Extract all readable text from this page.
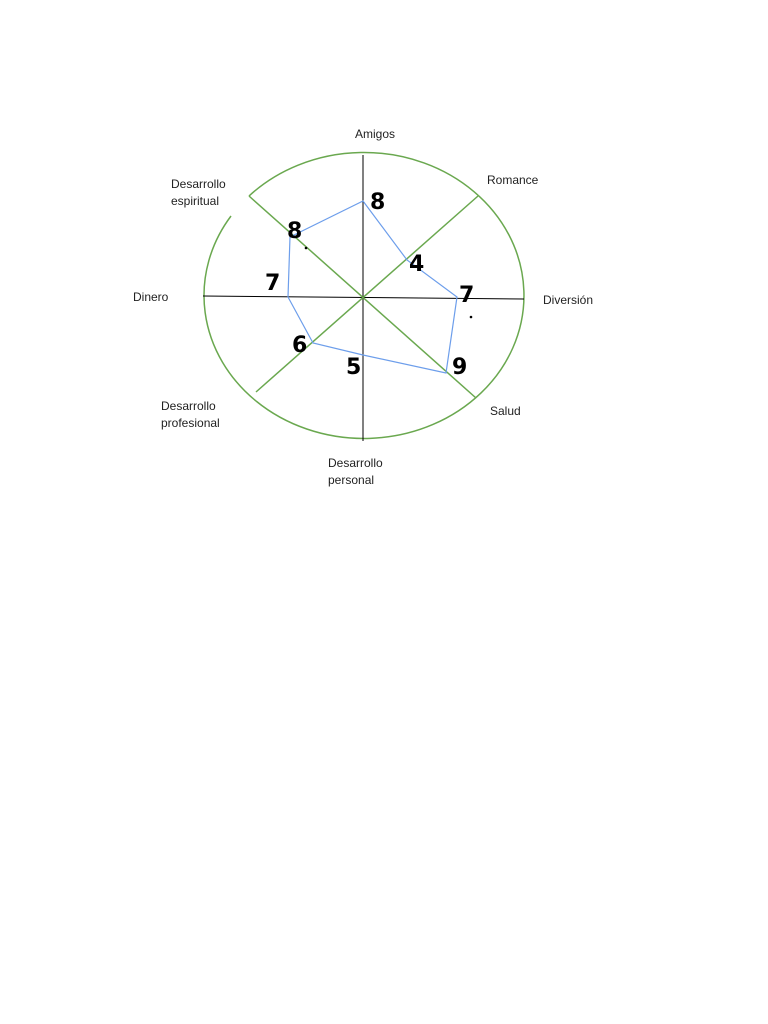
Amigos
Romance
Diversión
Salud
Desarrollo personal
Desarrollo profesional
Dinero
Desarrollo espiritual	8
4
7
9
5
6
7
8
